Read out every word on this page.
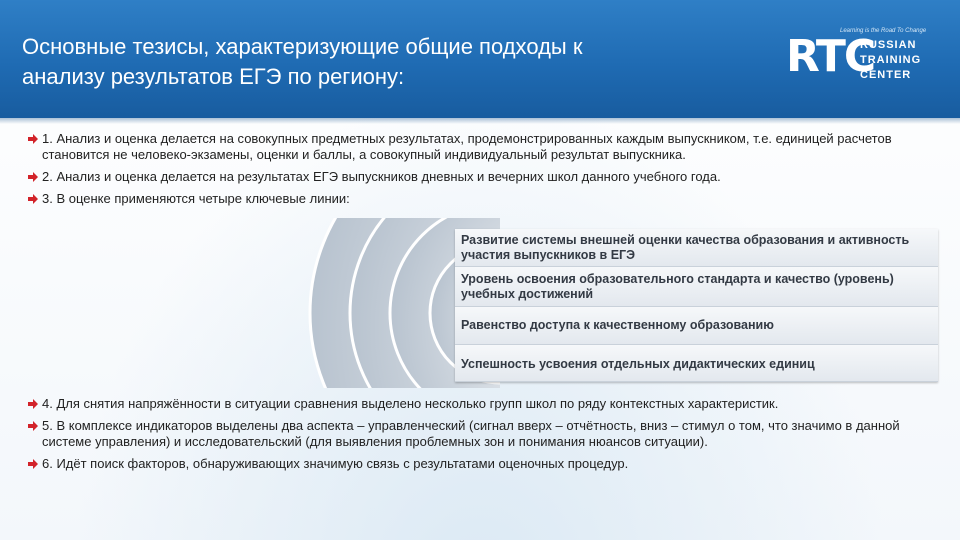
Основные тезисы, характеризующие общие подходы к анализу результатов ЕГЭ по региону:	RTC
Learning is the Road To Change
RUSSIAN
TRAINING
CENTER
1. Анализ и оценка делается на совокупных предметных результатах, продемонстрированных каждым выпускником, т.е. единицей расчетов становится не человеко-экзамены, оценки и баллы, а совокупный индивидуальный результат выпускника.
2. Анализ и оценка делается на результатах ЕГЭ выпускников дневных и вечерних школ данного учебного года.
3. В оценке применяются четыре ключевые линии:
Развитие системы внешней оценки качества образования и активность участия выпускников в ЕГЭ
Уровень освоения образовательного стандарта и качество (уровень) учебных достижений
Равенство доступа к качественному образованию
Успешность усвоения отдельных дидактических единиц
4. Для снятия напряжённости в ситуации сравнения выделено несколько групп школ по ряду контекстных характеристик.
5. В комплексе индикаторов выделены два аспекта – управленческий (сигнал вверх – отчётность, вниз – стимул о том, что значимо в данной системе управления) и исследовательский (для выявления проблемных зон и понимания нюансов ситуации).
6. Идёт поиск факторов, обнаруживающих значимую связь с результатами оценочных процедур.
